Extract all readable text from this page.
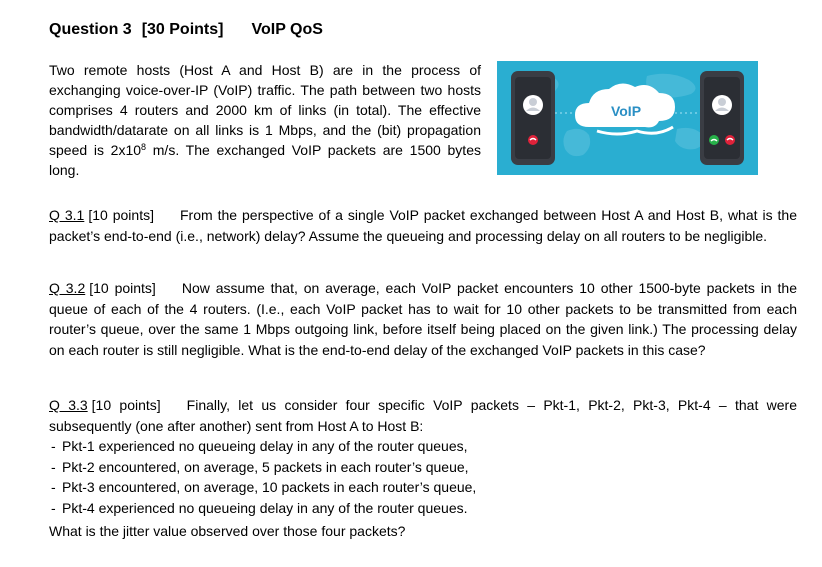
Question 3 [30 Points] VoIP QoS
Two remote hosts (Host A and Host B) are in the process of exchanging voice-over-IP (VoIP) traffic. The path between two hosts comprises 4 routers and 2000 km of links (in total). The effective bandwidth/datarate on all links is 1 Mbps, and the (bit) propagation speed is $2x10^8$ m/s. The exchanged VoIP packets are 1500 bytes long.
VoIP
Q 3.1 [10 points] From the perspective of a single VoIP packet exchanged between Host A and Host B, what is the packet’s end-to-end (i.e., network) delay? Assume the queueing and processing delay on all routers to be negligible.
Q 3.2 [10 points] Now assume that, on average, each VoIP packet encounters 10 other 1500-byte packets in the queue of each of the 4 routers. (I.e., each VoIP packet has to wait for 10 other packets to be transmitted from each router’s queue, over the same 1 Mbps outgoing link, before itself being placed on the given link.) The processing delay on each router is still negligible. What is the end-to-end delay of the exchanged VoIP packets in this case?
Q 3.3 [10 points] Finally, let us consider four specific VoIP packets – Pkt-1, Pkt-2, Pkt-3, Pkt-4 – that were subsequently (one after another) sent from Host A to Host B:
- Pkt-1 experienced no queueing delay in any of the router queues,
- Pkt-2 encountered, on average, 5 packets in each router’s queue,
- Pkt-3 encountered, on average, 10 packets in each router’s queue,
- Pkt-4 experienced no queueing delay in any of the router queues.
What is the jitter value observed over those four packets?
